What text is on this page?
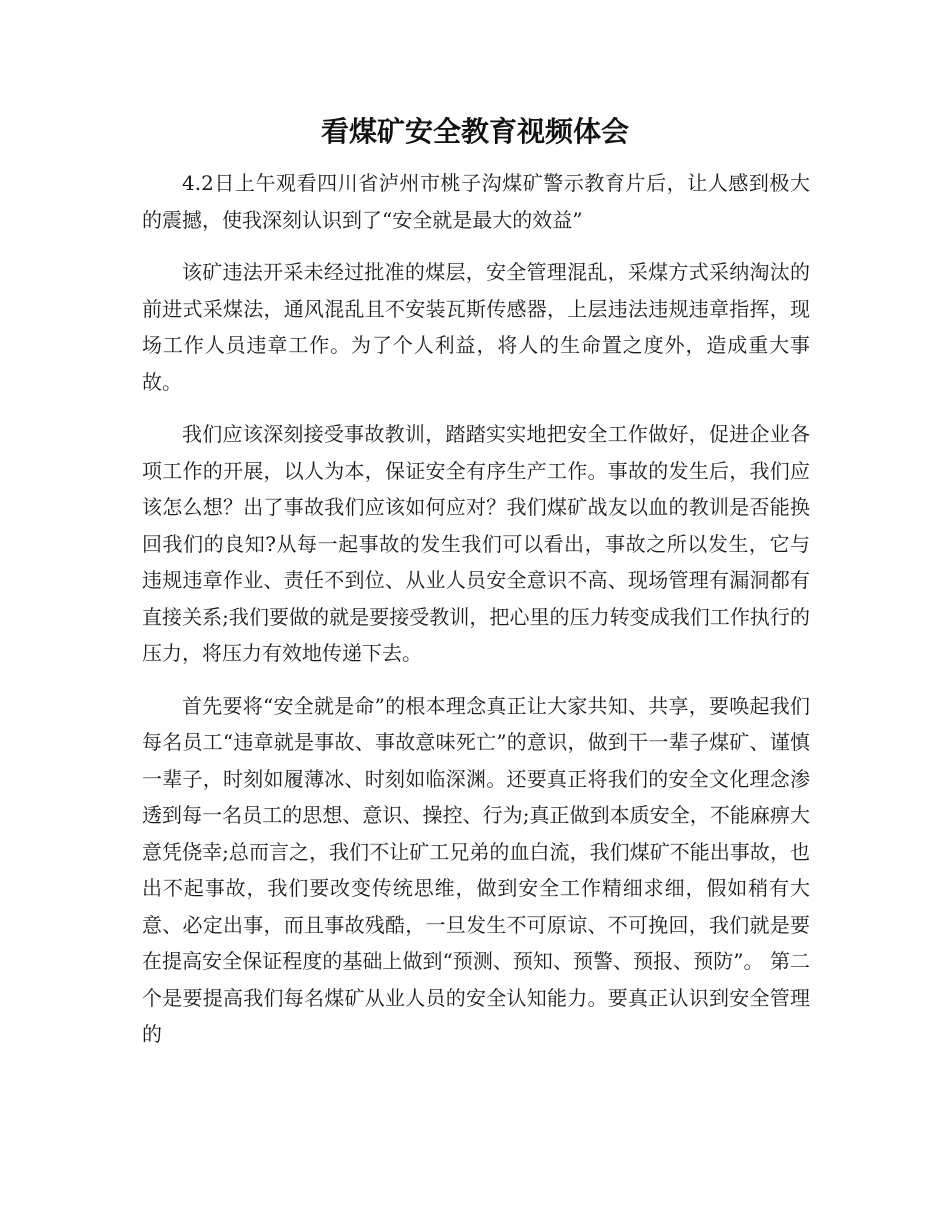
看煤矿安全教育视频体会

4.2日上午观看四川省泸州市桃子沟煤矿警示教育片后，让人感到极大的震撼，使我深刻认识到了“安全就是最大的效益”

该矿违法开采未经过批准的煤层，安全管理混乱，采煤方式采纳淘汰的前进式采煤法，通风混乱且不安装瓦斯传感器，上层违法违规违章指挥，现场工作人员违章工作。为了个人利益，将人的生命置之度外，造成重大事故。

我们应该深刻接受事故教训，踏踏实实地把安全工作做好，促进企业各项工作的开展，以人为本，保证安全有序生产工作。事故的发生后，我们应该怎么想？出了事故我们应该如何应对？我们煤矿战友以血的教训是否能换回我们的良知?从每一起事故的发生我们可以看出，事故之所以发生，它与违规违章作业、责任不到位、从业人员安全意识不高、现场管理有漏洞都有直接关系;我们要做的就是要接受教训，把心里的压力转变成我们工作执行的压力，将压力有效地传递下去。

首先要将“安全就是命”的根本理念真正让大家共知、共享，要唤起我们每名员工“违章就是事故、事故意味死亡”的意识，做到干一辈子煤矿、谨慎一辈子，时刻如履薄冰、时刻如临深渊。还要真正将我们的安全文化理念渗透到每一名员工的思想、意识、操控、行为;真正做到本质安全，不能麻痹大意凭侥幸;总而言之，我们不让矿工兄弟的血白流，我们煤矿不能出事故，也出不起事故，我们要改变传统思维，做到安全工作精细求细，假如稍有大意、必定出事，而且事故残酷，一旦发生不可原谅、不可挽回，我们就是要在提高安全保证程度的基础上做到“预测、预知、预警、预报、预防”。 第二个是要提高我们每名煤矿从业人员的安全认知能力。要真正认识到安全管理的
